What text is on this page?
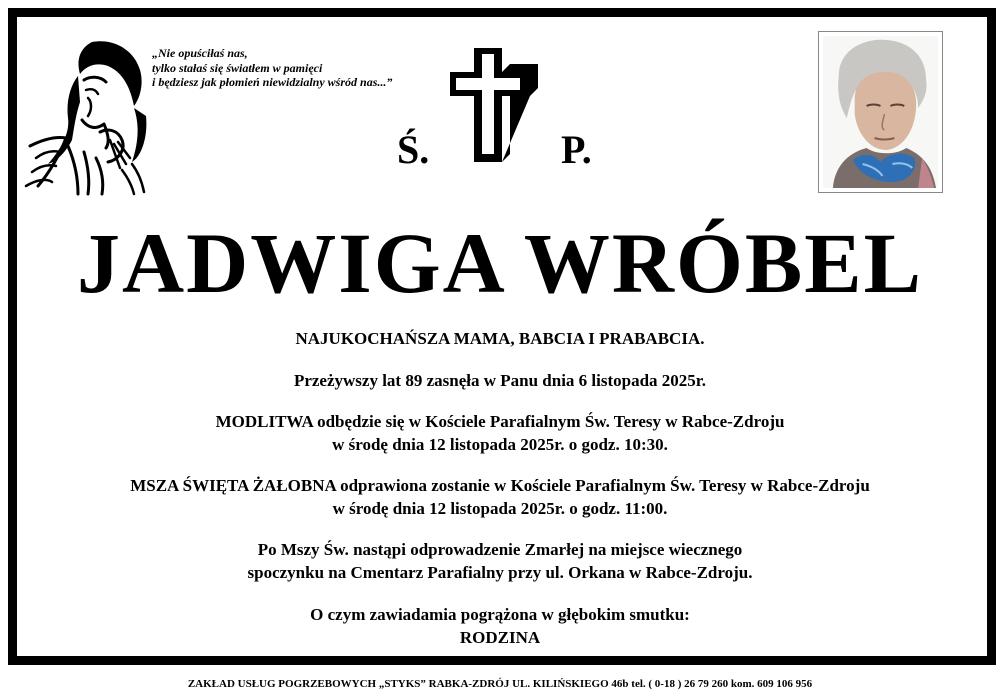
„Nie opuściłaś nas,
tylko stałaś się światłem w pamięci
i będziesz jak płomień niewidzialny wśród nas...”
Ś.	P.
JADWIGA WRÓBEL
NAJUKOCHAŃSZA MAMA, BABCIA I PRABABCIA.
Przeżywszy lat 89 zasnęła w Panu dnia 6 listopada 2025r.
MODLITWA odbędzie się w Kościele Parafialnym Św. Teresy w Rabce-Zdroju
w środę dnia 12 listopada 2025r. o godz. 10:30.
MSZA ŚWIĘTA ŻAŁOBNA odprawiona zostanie w Kościele Parafialnym Św. Teresy w Rabce-Zdroju
w środę dnia 12 listopada 2025r. o godz. 11:00.
Po Mszy Św. nastąpi odprowadzenie Zmarłej na miejsce wiecznego
spoczynku na Cmentarz Parafialny przy ul. Orkana w Rabce-Zdroju.
O czym zawiadamia pogrążona w głębokim smutku:
RODZINA
ZAKŁAD USŁUG POGRZEBOWYCH „STYKS” RABKA-ZDRÓJ UL. KILIŃSKIEGO 46b tel. ( 0-18 ) 26 79 260 kom. 609 106 956
